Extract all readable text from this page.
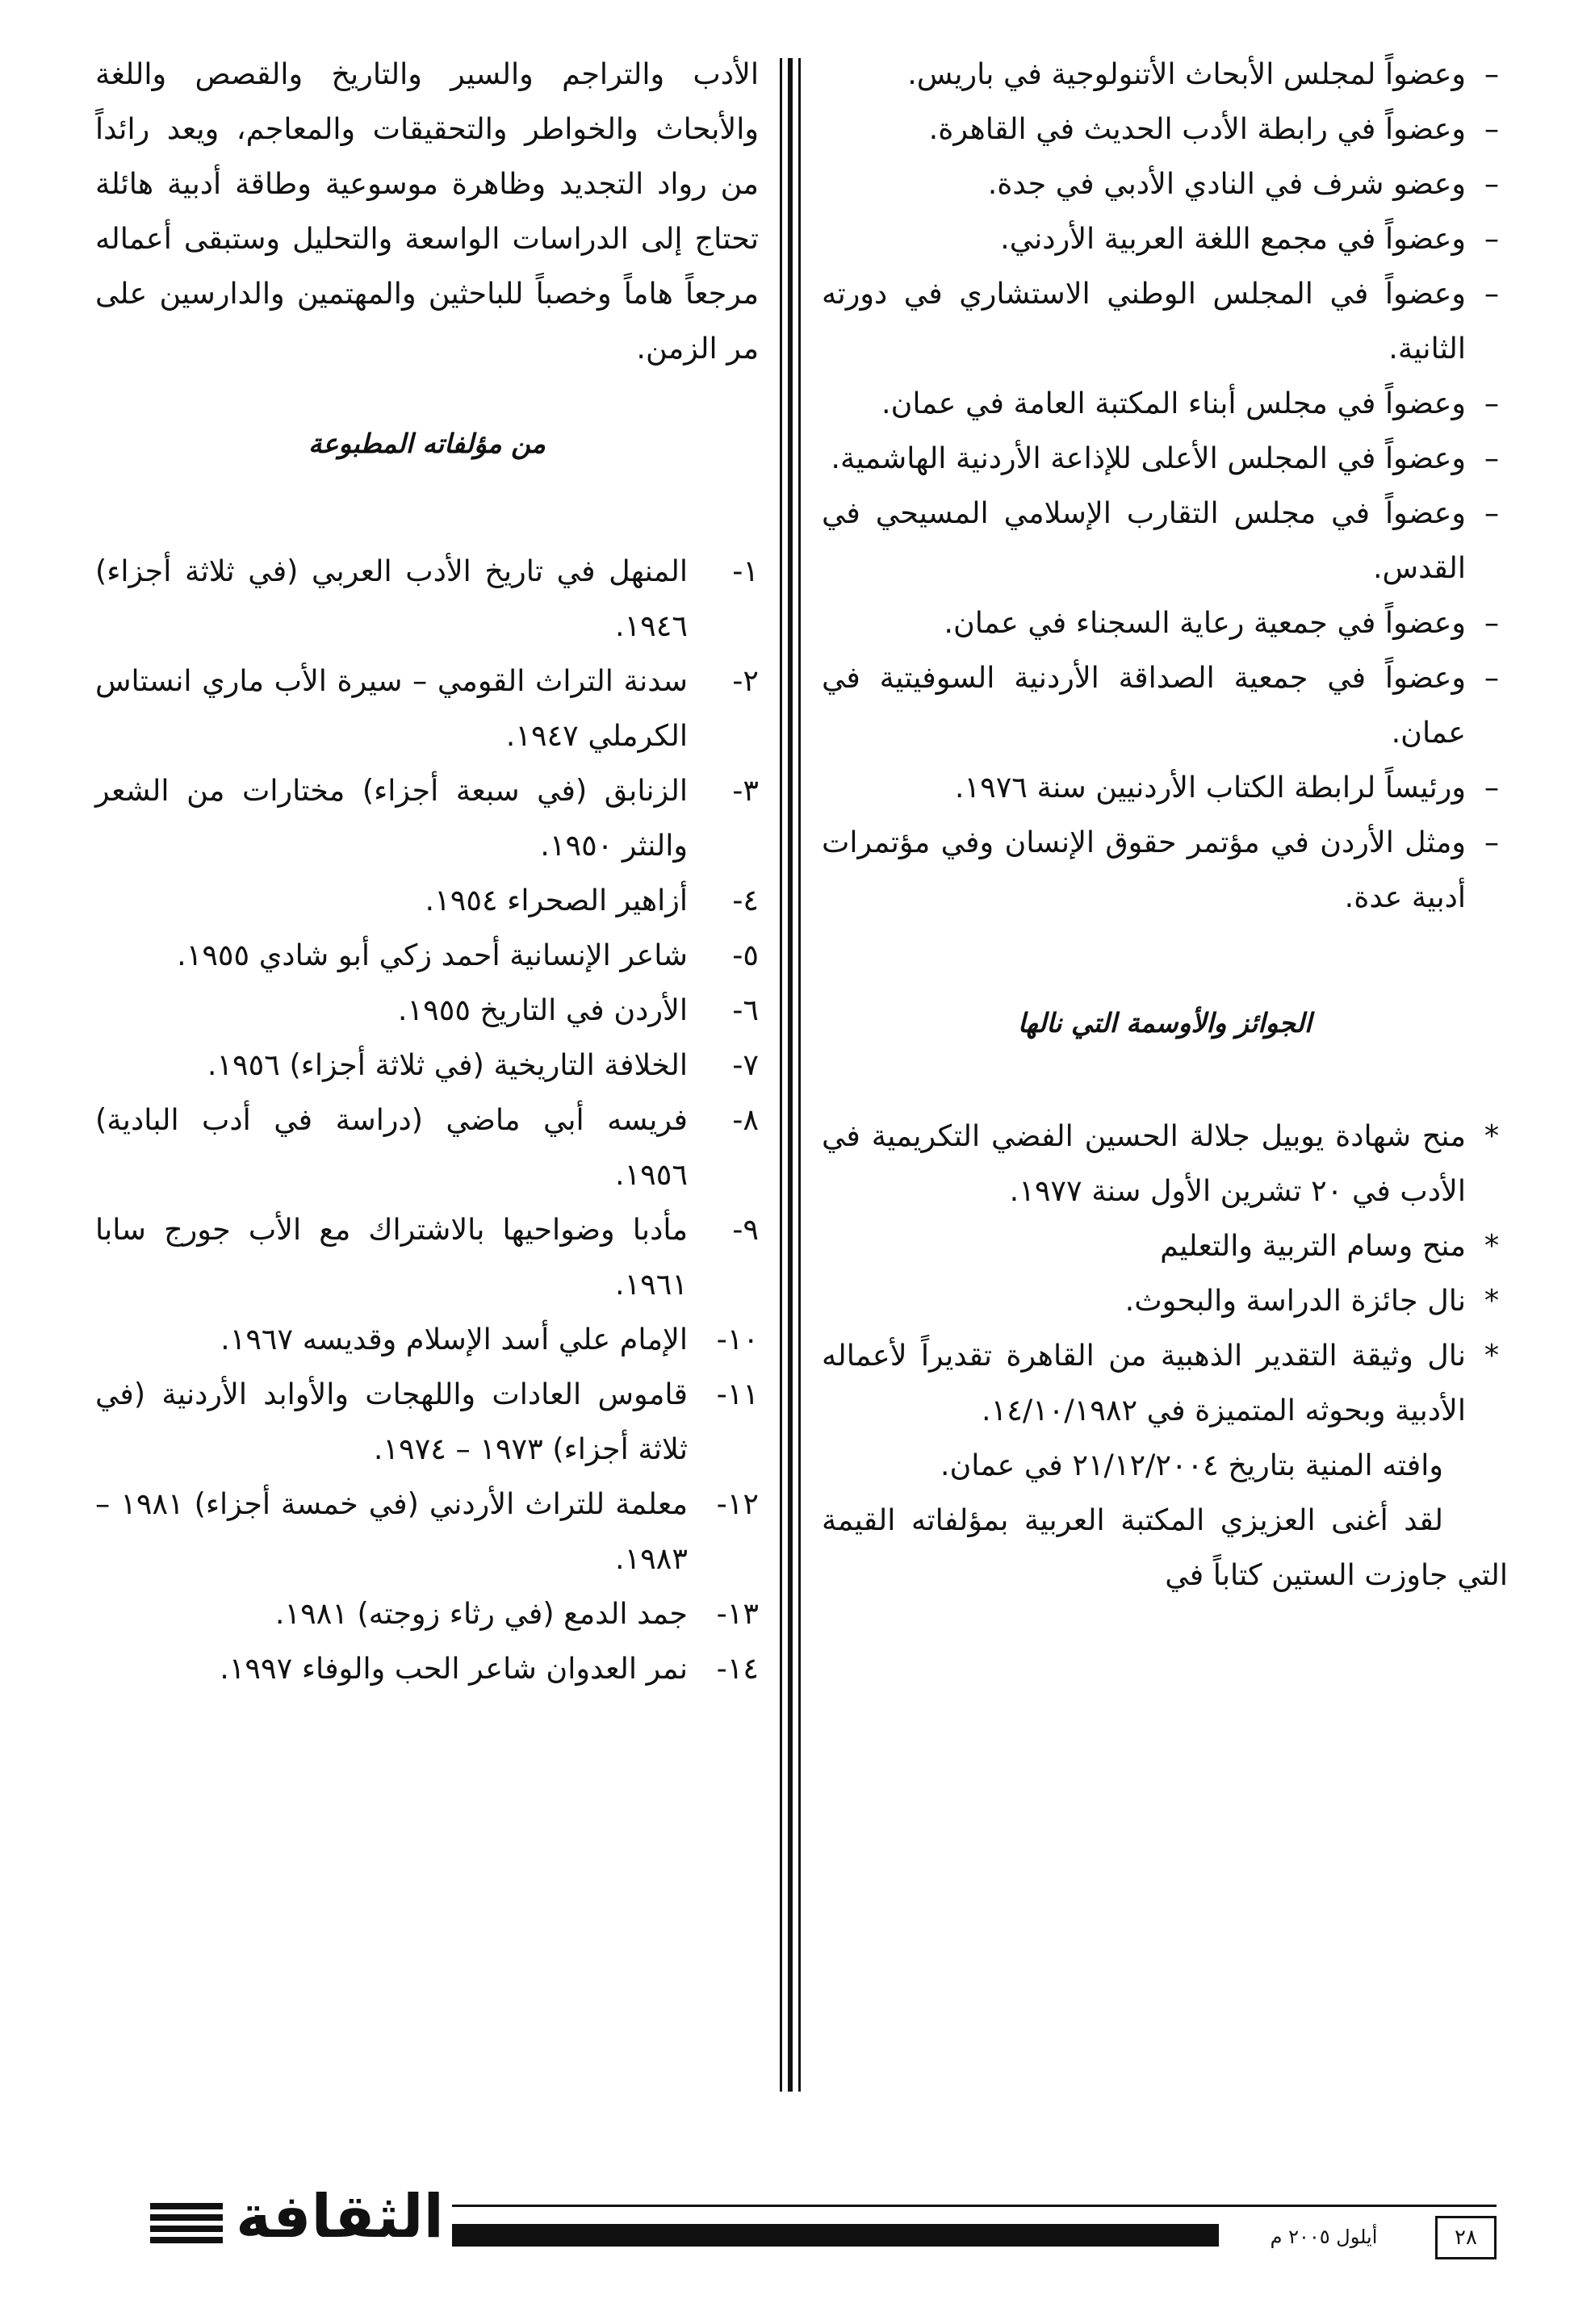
–
وعضواً لمجلس الأبحاث الأتنولوجية في باريس.
–
وعضواً في رابطة الأدب الحديث في القاهرة.
–
وعضو شرف في النادي الأدبي في جدة.
–
وعضواً في مجمع اللغة العربية الأردني.
–
وعضواً في المجلس الوطني الاستشاري في دورته الثانية.
–
وعضواً في مجلس أبناء المكتبة العامة في عمان.
–
وعضواً في المجلس الأعلى للإذاعة الأردنية الهاشمية.
–
وعضواً في مجلس التقارب الإسلامي المسيحي في القدس.
–
وعضواً في جمعية رعاية السجناء في عمان.
–
وعضواً في جمعية الصداقة الأردنية السوفيتية في عمان.
–
ورئيساً لرابطة الكتاب الأردنيين سنة ١٩٧٦.
–
ومثل الأردن في مؤتمر حقوق الإنسان وفي مؤتمرات أدبية عدة.
الجوائز والأوسمة التي نالها
*
منح شهادة يوبيل جلالة الحسين الفضي التكريمية في الأدب في ٢٠ تشرين الأول سنة ١٩٧٧.
*
منح وسام التربية والتعليم
*
نال جائزة الدراسة والبحوث.
*
نال وثيقة التقدير الذهبية من القاهرة تقديراً لأعماله الأدبية وبحوثه المتميزة في ١٤/١٠/١٩٨٢.

وافته المنية بتاريخ ٢١/١٢/٢٠٠٤ في عمان.

لقد أغنى العزيزي المكتبة العربية بمؤلفاته القيمة التي جاوزت الستين كتاباً في

الأدب والتراجم والسير والتاريخ والقصص واللغة والأبحاث والخواطر والتحقيقات والمعاجم، ويعد رائداً من رواد التجديد وظاهرة موسوعية وطاقة أدبية هائلة تحتاج إلى الدراسات الواسعة والتحليل وستبقى أعماله مرجعاً هاماً وخصباً للباحثين والمهتمين والدارسين على مر الزمن.

من مؤلفاته المطبوعة
١-
المنهل في تاريخ الأدب العربي (في ثلاثة أجزاء) ١٩٤٦.
٢-
سدنة التراث القومي – سيرة الأب ماري انستاس الكرملي ١٩٤٧.
٣-
الزنابق (في سبعة أجزاء) مختارات من الشعر والنثر ١٩٥٠.
٤-
أزاهير الصحراء ١٩٥٤.
٥-
شاعر الإنسانية أحمد زكي أبو شادي ١٩٥٥.
٦-
الأردن في التاريخ ١٩٥٥.
٧-
الخلافة التاريخية (في ثلاثة أجزاء) ١٩٥٦.
٨-
فريسه أبي ماضي (دراسة في أدب البادية) ١٩٥٦.
٩-
مأدبا وضواحيها بالاشتراك مع الأب جورج سابا ١٩٦١.
١٠-
الإمام علي أسد الإسلام وقديسه ١٩٦٧.
١١-
قاموس العادات واللهجات والأوابد الأردنية (في ثلاثة أجزاء) ١٩٧٣ – ١٩٧٤.
١٢-
معلمة للتراث الأردني (في خمسة أجزاء) ١٩٨١ – ١٩٨٣.
١٣-
جمد الدمع (في رثاء زوجته) ١٩٨١.
١٤-
نمر العدوان شاعر الحب والوفاء ١٩٩٧.
٢٨
أيلول ٢٠٠٥ م
الثقافة
